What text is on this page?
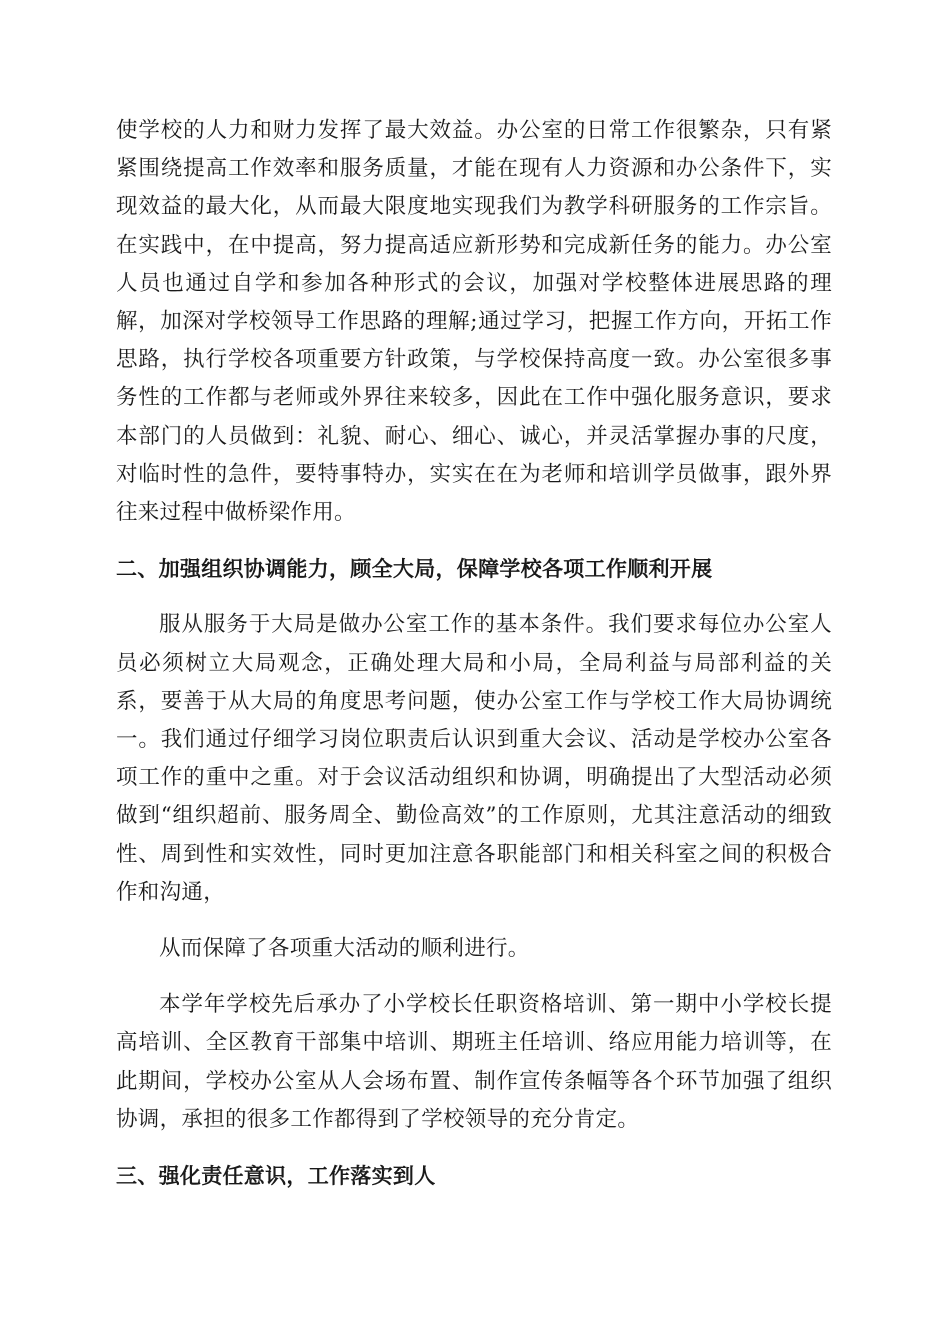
使学校的人力和财力发挥了最大效益。办公室的日常工作很繁杂，只有紧紧围绕提高工作效率和服务质量，才能在现有人力资源和办公条件下，实现效益的最大化，从而最大限度地实现我们为教学科研服务的工作宗旨。在实践中，在中提高，努力提高适应新形势和完成新任务的能力。办公室人员也通过自学和参加各种形式的会议，加强对学校整体进展思路的理解，加深对学校领导工作思路的理解;通过学习，把握工作方向，开拓工作思路，执行学校各项重要方针政策，与学校保持高度一致。办公室很多事务性的工作都与老师或外界往来较多，因此在工作中强化服务意识，要求本部门的人员做到：礼貌、耐心、细心、诚心，并灵活掌握办事的尺度，对临时性的急件，要特事特办，实实在在为老师和培训学员做事，跟外界往来过程中做桥梁作用。

二、加强组织协调能力，顾全大局，保障学校各项工作顺利开展

服从服务于大局是做办公室工作的基本条件。我们要求每位办公室人员必须树立大局观念，正确处理大局和小局，全局利益与局部利益的关系，要善于从大局的角度思考问题，使办公室工作与学校工作大局协调统一。我们通过仔细学习岗位职责后认识到重大会议、活动是学校办公室各项工作的重中之重。对于会议活动组织和协调，明确提出了大型活动必须做到“组织超前、服务周全、勤俭高效”的工作原则，尤其注意活动的细致性、周到性和实效性，同时更加注意各职能部门和相关科室之间的积极合作和沟通，

从而保障了各项重大活动的顺利进行。

本学年学校先后承办了小学校长任职资格培训、第一期中小学校长提高培训、全区教育干部集中培训、期班主任培训、络应用能力培训等，在此期间，学校办公室从人会场布置、制作宣传条幅等各个环节加强了组织协调，承担的很多工作都得到了学校领导的充分肯定。

三、强化责任意识，工作落实到人
